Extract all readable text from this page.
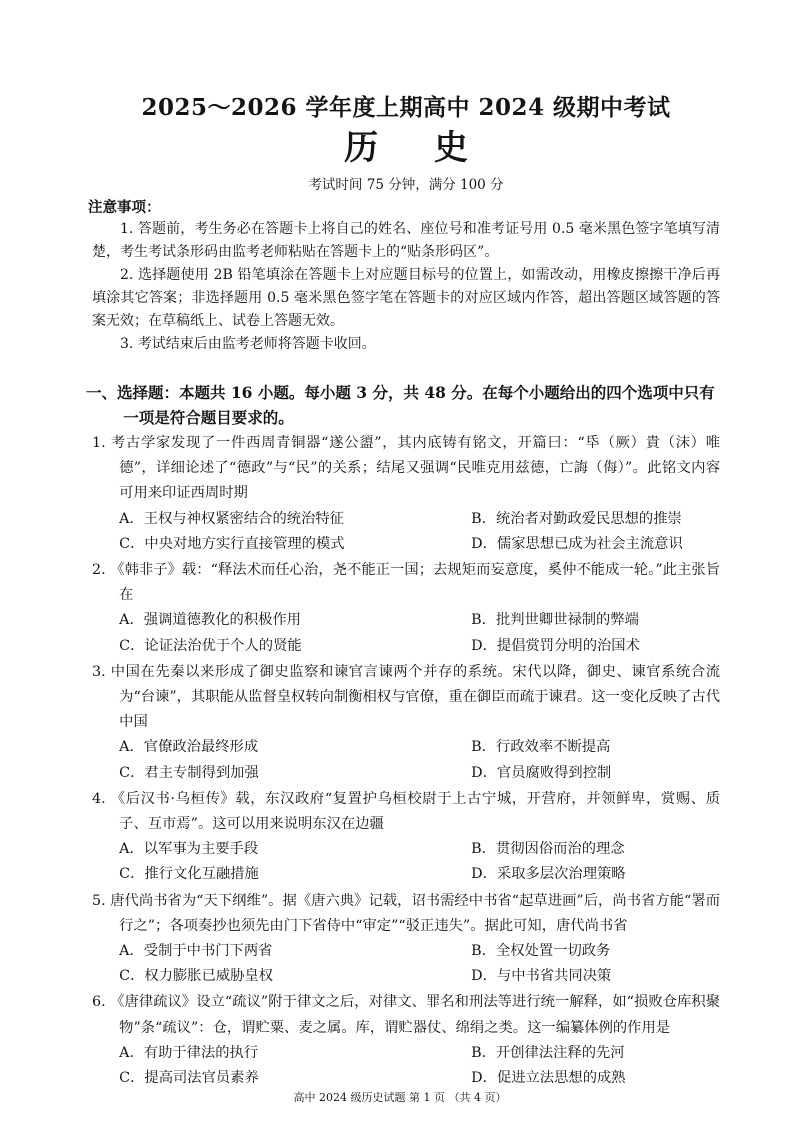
2025～2026 学年度上期高中 2024 级期中考试
历 史
考试时间 75 分钟，满分 100 分
注意事项：
1. 答题前，考生务必在答题卡上将自己的姓名、座位号和准考证号用 0.5 毫米黑色签字笔填写清楚，考生考试条形码由监考老师粘贴在答题卡上的“贴条形码区”。
2. 选择题使用 2B 铅笔填涂在答题卡上对应题目标号的位置上，如需改动，用橡皮擦擦干净后再填涂其它答案；非选择题用 0.5 毫米黑色签字笔在答题卡的对应区域内作答，超出答题区域答题的答案无效；在草稿纸上、试卷上答题无效。
3. 考试结束后由监考老师将答题卡收回。
一、选择题：本题共 16 小题。每小题 3 分，共 48 分。在每个小题给出的四个选项中只有一项是符合题目要求的。
1. 考古学家发现了一件西周青铜器“遂公盨”，其内底铸有铭文，开篇曰：“氒（厥）貴（沫）唯德”，详细论述了“德政”与“民”的关系；结尾又强调“民唯克用兹德，亡誨（侮）”。此铭文内容可用来印证西周时期
A．王权与神权紧密结合的统治特征	B．统治者对勤政爱民思想的推崇
C．中央对地方实行直接管理的模式	D．儒家思想已成为社会主流意识
2. 《韩非子》载：“释法术而任心治，尧不能正一国；去规矩而妄意度，奚仲不能成一轮。”此主张旨在
A．强调道德教化的积极作用	B．批判世卿世禄制的弊端
C．论证法治优于个人的贤能	D．提倡赏罚分明的治国术
3. 中国在先秦以来形成了御史监察和谏官言谏两个并存的系统。宋代以降，御史、谏官系统合流为“台谏”，其职能从监督皇权转向制衡相权与官僚，重在御臣而疏于谏君。这一变化反映了古代中国
A．官僚政治最终形成	B．行政效率不断提高
C．君主专制得到加强	D．官员腐败得到控制
4. 《后汉书·乌桓传》载，东汉政府“复置护乌桓校尉于上古宁城，开营府，并领鲜卑，赏赐、质子、互市焉”。这可以用来说明东汉在边疆
A．以军事为主要手段	B．贯彻因俗而治的理念
C．推行文化互融措施	D．采取多层次治理策略
5. 唐代尚书省为“天下纲维”。据《唐六典》记载，诏书需经中书省“起草进画”后，尚书省方能“署而行之”；各项奏抄也须先由门下省侍中“审定”“驳正违失”。据此可知，唐代尚书省
A．受制于中书门下两省	B．全权处置一切政务
C．权力膨胀已威胁皇权	D．与中书省共同决策
6. 《唐律疏议》设立“疏议”附于律文之后，对律文、罪名和刑法等进行统一解释，如“损败仓库积聚物”条“疏议”：仓，谓贮粟、麦之属。库，谓贮器仗、绵绢之类。这一编纂体例的作用是
A．有助于律法的执行	B．开创律法注释的先河
C．提高司法官员素养	D．促进立法思想的成熟
高中 2024 级历史试题 第 1 页 （共 4 页）
